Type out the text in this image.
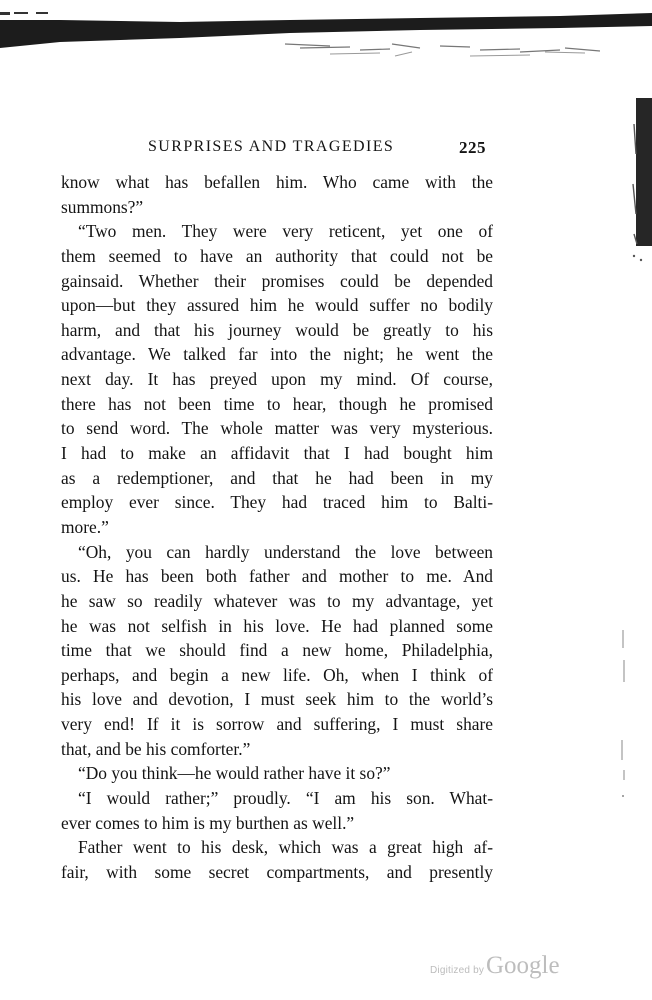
SURPRISES AND TRAGEDIES	225
know what has befallen him. Who came with the
summons?”
“Two men. They were very reticent, yet one of
them seemed to have an authority that could not be
gainsaid. Whether their promises could be depended
upon—but they assured him he would suffer no bodily
harm, and that his journey would be greatly to his
advantage. We talked far into the night; he went the
next day. It has preyed upon my mind. Of course,
there has not been time to hear, though he promised
to send word. The whole matter was very mysterious.
I had to make an affidavit that I had bought him
as a redemptioner, and that he had been in my
employ ever since. They had traced him to Balti-
more.”
“Oh, you can hardly understand the love between
us. He has been both father and mother to me. And
he saw so readily whatever was to my advantage, yet
he was not selfish in his love. He had planned some
time that we should find a new home, Philadelphia,
perhaps, and begin a new life. Oh, when I think of
his love and devotion, I must seek him to the world’s
very end! If it is sorrow and suffering, I must share
that, and be his comforter.”
“Do you think—he would rather have it so?”
“I would rather;” proudly. “I am his son. What-
ever comes to him is my burthen as well.”
Father went to his desk, which was a great high af-
fair, with some secret compartments, and presently
Digitized by Google
